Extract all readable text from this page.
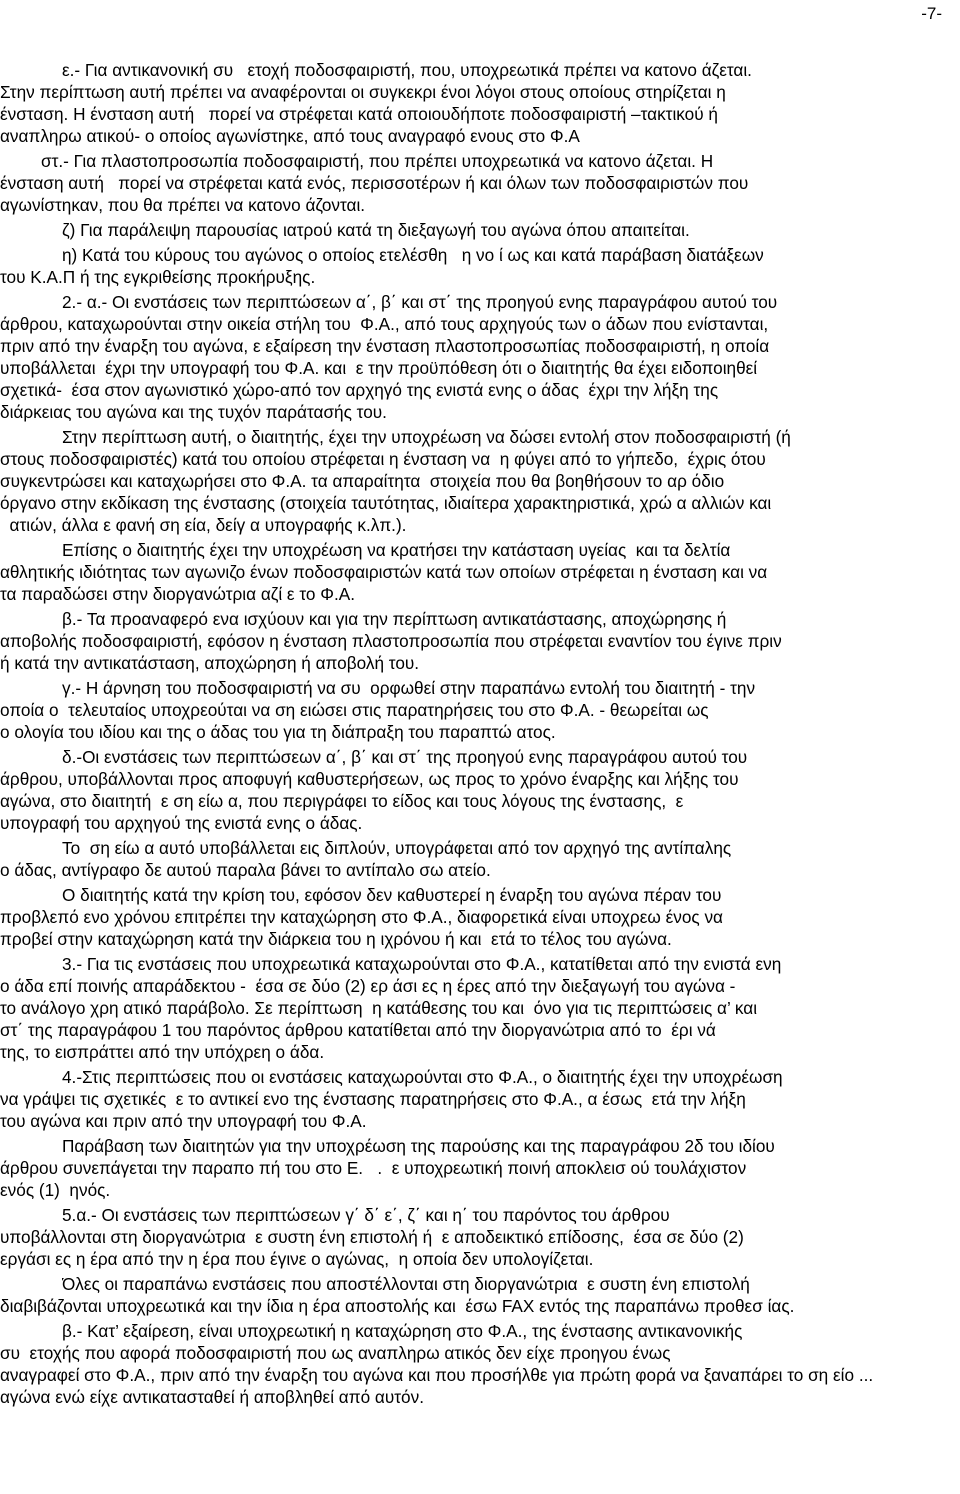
-7-
ε.- Για αντικανονική συ   ετοχή ποδοσφαιριστή, που, υποχρεωτικά πρέπει να κατονο άζεται.
Στην περίπτωση αυτή πρέπει να αναφέρονται οι συγκεκρι ένοι λόγοι στους οποίους στηρίζεται η
ένσταση. Η ένσταση αυτή   πορεί να στρέφεται κατά οποιουδήποτε ποδοσφαιριστή –τακτικού ή
αναπληρω ατικού- ο οποίος αγωνίστηκε, από τους αναγραφό ενους στο Φ.Α
στ.- Για πλαστοπροσωπία ποδοσφαιριστή, που πρέπει υποχρεωτικά να κατονο άζεται. Η
ένσταση αυτή   πορεί να στρέφεται κατά ενός, περισσοτέρων ή και όλων των ποδοσφαιριστών που
αγωνίστηκαν, που θα πρέπει να κατονο άζονται.
ζ) Για παράλειψη παρουσίας ιατρού κατά τη διεξαγωγή του αγώνα όπου απαιτείται.
η) Κατά του κύρους του αγώνος ο οποίος ετελέσθη   η νο ί ως και κατά παράβαση διατάξεων
του Κ.Α.Π ή της εγκριθείσης προκήρυξης.
2.- α.- Οι ενστάσεις των περιπτώσεων α΄, β΄ και στ΄ της προηγού ενης παραγράφου αυτού του
άρθρου, καταχωρούνται στην οικεία στήλη του  Φ.Α., από τους αρχηγούς των ο άδων που ενίστανται,
πριν από την έναρξη του αγώνα, ε εξαίρεση την ένσταση πλαστοπροσωπίας ποδοσφαιριστή, η οποία
υποβάλλεται  έχρι την υπογραφή του Φ.Α. και  ε την προϋπόθεση ότι ο διαιτητής θα έχει ειδοποιηθεί
σχετικά-  έσα στον αγωνιστικό χώρο-από τον αρχηγό της ενιστά ενης ο άδας  έχρι την λήξη της
διάρκειας του αγώνα και της τυχόν παράτασής του.
Στην περίπτωση αυτή, ο διαιτητής, έχει την υποχρέωση να δώσει εντολή στον ποδοσφαιριστή (ή
στους ποδοσφαιριστές) κατά του οποίου στρέφεται η ένσταση να  η φύγει από το γήπεδο,  έχρις ότου
συγκεντρώσει και καταχωρήσει στο Φ.Α. τα απαραίτητα  στοιχεία που θα βοηθήσουν το αρ όδιο
όργανο στην εκδίκαση της ένστασης (στοιχεία ταυτότητας, ιδιαίτερα χαρακτηριστικά, χρώ α αλλιών και
ατιών, άλλα ε φανή ση εία, δείγ α υπογραφής κ.λπ.).
Επίσης ο διαιτητής έχει την υποχρέωση να κρατήσει την κατάσταση υγείας  και τα δελτία
αθλητικής ιδιότητας των αγωνιζο ένων ποδοσφαιριστών κατά των οποίων στρέφεται η ένσταση και να
τα παραδώσει στην διοργανώτρια αζί ε το Φ.Α.
β.- Τα προαναφερό ενα ισχύουν και για την περίπτωση αντικατάστασης, αποχώρησης ή
αποβολής ποδοσφαιριστή, εφόσον η ένσταση πλαστοπροσωπία που στρέφεται εναντίον του έγινε πριν
ή κατά την αντικατάσταση, αποχώρηση ή αποβολή του.
γ.- Η άρνηση του ποδοσφαιριστή να συ  ορφωθεί στην παραπάνω εντολή του διαιτητή - την
οποία ο  τελευταίος υποχρεούται να ση ειώσει στις παρατηρήσεις του στο Φ.Α. - θεωρείται ως
ο ολογία του ιδίου και της ο άδας του για τη διάπραξη του παραπτώ ατος.
δ.-Οι ενστάσεις των περιπτώσεων α΄, β΄ και στ΄ της προηγού ενης παραγράφου αυτού του
άρθρου, υποβάλλονται προς αποφυγή καθυστερήσεων, ως προς το χρόνο έναρξης και λήξης του
αγώνα, στο διαιτητή  ε ση είω α, που περιγράφει το είδος και τους λόγους της ένστασης,  ε
υπογραφή του αρχηγού της ενιστά ενης ο άδας.
Το  ση είω α αυτό υποβάλλεται εις διπλούν, υπογράφεται από τον αρχηγό της αντίπαλης
ο άδας, αντίγραφο δε αυτού παραλα βάνει το αντίπαλο σω ατείο.
Ο διαιτητής κατά την κρίση του, εφόσον δεν καθυστερεί η έναρξη του αγώνα πέραν του
προβλεπό ενο χρόνου επιτρέπει την καταχώρηση στο Φ.Α., διαφορετικά είναι υποχρεω ένος να
προβεί στην καταχώρηση κατά την διάρκεια του η ιχρόνου ή και  ετά το τέλος του αγώνα.
3.- Για τις ενστάσεις που υποχρεωτικά καταχωρούνται στο Φ.Α., κατατίθεται από την ενιστά ενη
ο άδα επί ποινής απαράδεκτου -  έσα σε δύο (2) ερ άσι ες η έρες από την διεξαγωγή του αγώνα -
το ανάλογο χρη ατικό παράβολο. Σε περίπτωση  η κατάθεσης του και  όνο για τις περιπτώσεις α’ και
στ΄ της παραγράφου 1 του παρόντος άρθρου κατατίθεται από την διοργανώτρια από το  έρι νά
της, το εισπράττει από την υπόχρεη ο άδα.
4.-Στις περιπτώσεις που οι ενστάσεις καταχωρούνται στο Φ.Α., ο διαιτητής έχει την υποχρέωση
να γράψει τις σχετικές  ε το αντικεί ενο της ένστασης παρατηρήσεις στο Φ.Α., α έσως  ετά την λήξη
του αγώνα και πριν από την υπογραφή του Φ.Α.
Παράβαση των διαιτητών για την υποχρέωση της παρούσης και της παραγράφου 2δ του ιδίου
άρθρου συνεπάγεται την παραπο πή του στο Ε.   .  ε υποχρεωτική ποινή αποκλεισ ού τουλάχιστον
ενός (1)  ηνός.
5.α.- Οι ενστάσεις των περιπτώσεων γ΄ δ΄ ε΄, ζ΄ και η΄ του παρόντος του άρθρου
υποβάλλονται στη διοργανώτρια  ε συστη ένη επιστολή ή  ε αποδεικτικό επίδοσης,  έσα σε δύο (2)
εργάσι ες η έρα από την η έρα που έγινε ο αγώνας,  η οποία δεν υπολογίζεται.
Όλες οι παραπάνω ενστάσεις που αποστέλλονται στη διοργανώτρια  ε συστη ένη επιστολή
διαβιβάζονται υποχρεωτικά και την ίδια η έρα αποστολής και  έσω FAX εντός της παραπάνω προθεσ ίας.
β.- Κατ’ εξαίρεση, είναι υποχρεωτική η καταχώρηση στο Φ.Α., της ένστασης αντικανονικής
συ  ετοχής που αφορά ποδοσφαιριστή που ως αναπληρω ατικός δεν είχε προηγου ένως
αναγραφεί στο Φ.Α., πριν από την έναρξη του αγώνα και που προσήλθε για πρώτη φορά να ξαναπάρει το ση είο ...
αγώνα ενώ είχε αντικατασταθεί ή αποβληθεί από αυτόν.
